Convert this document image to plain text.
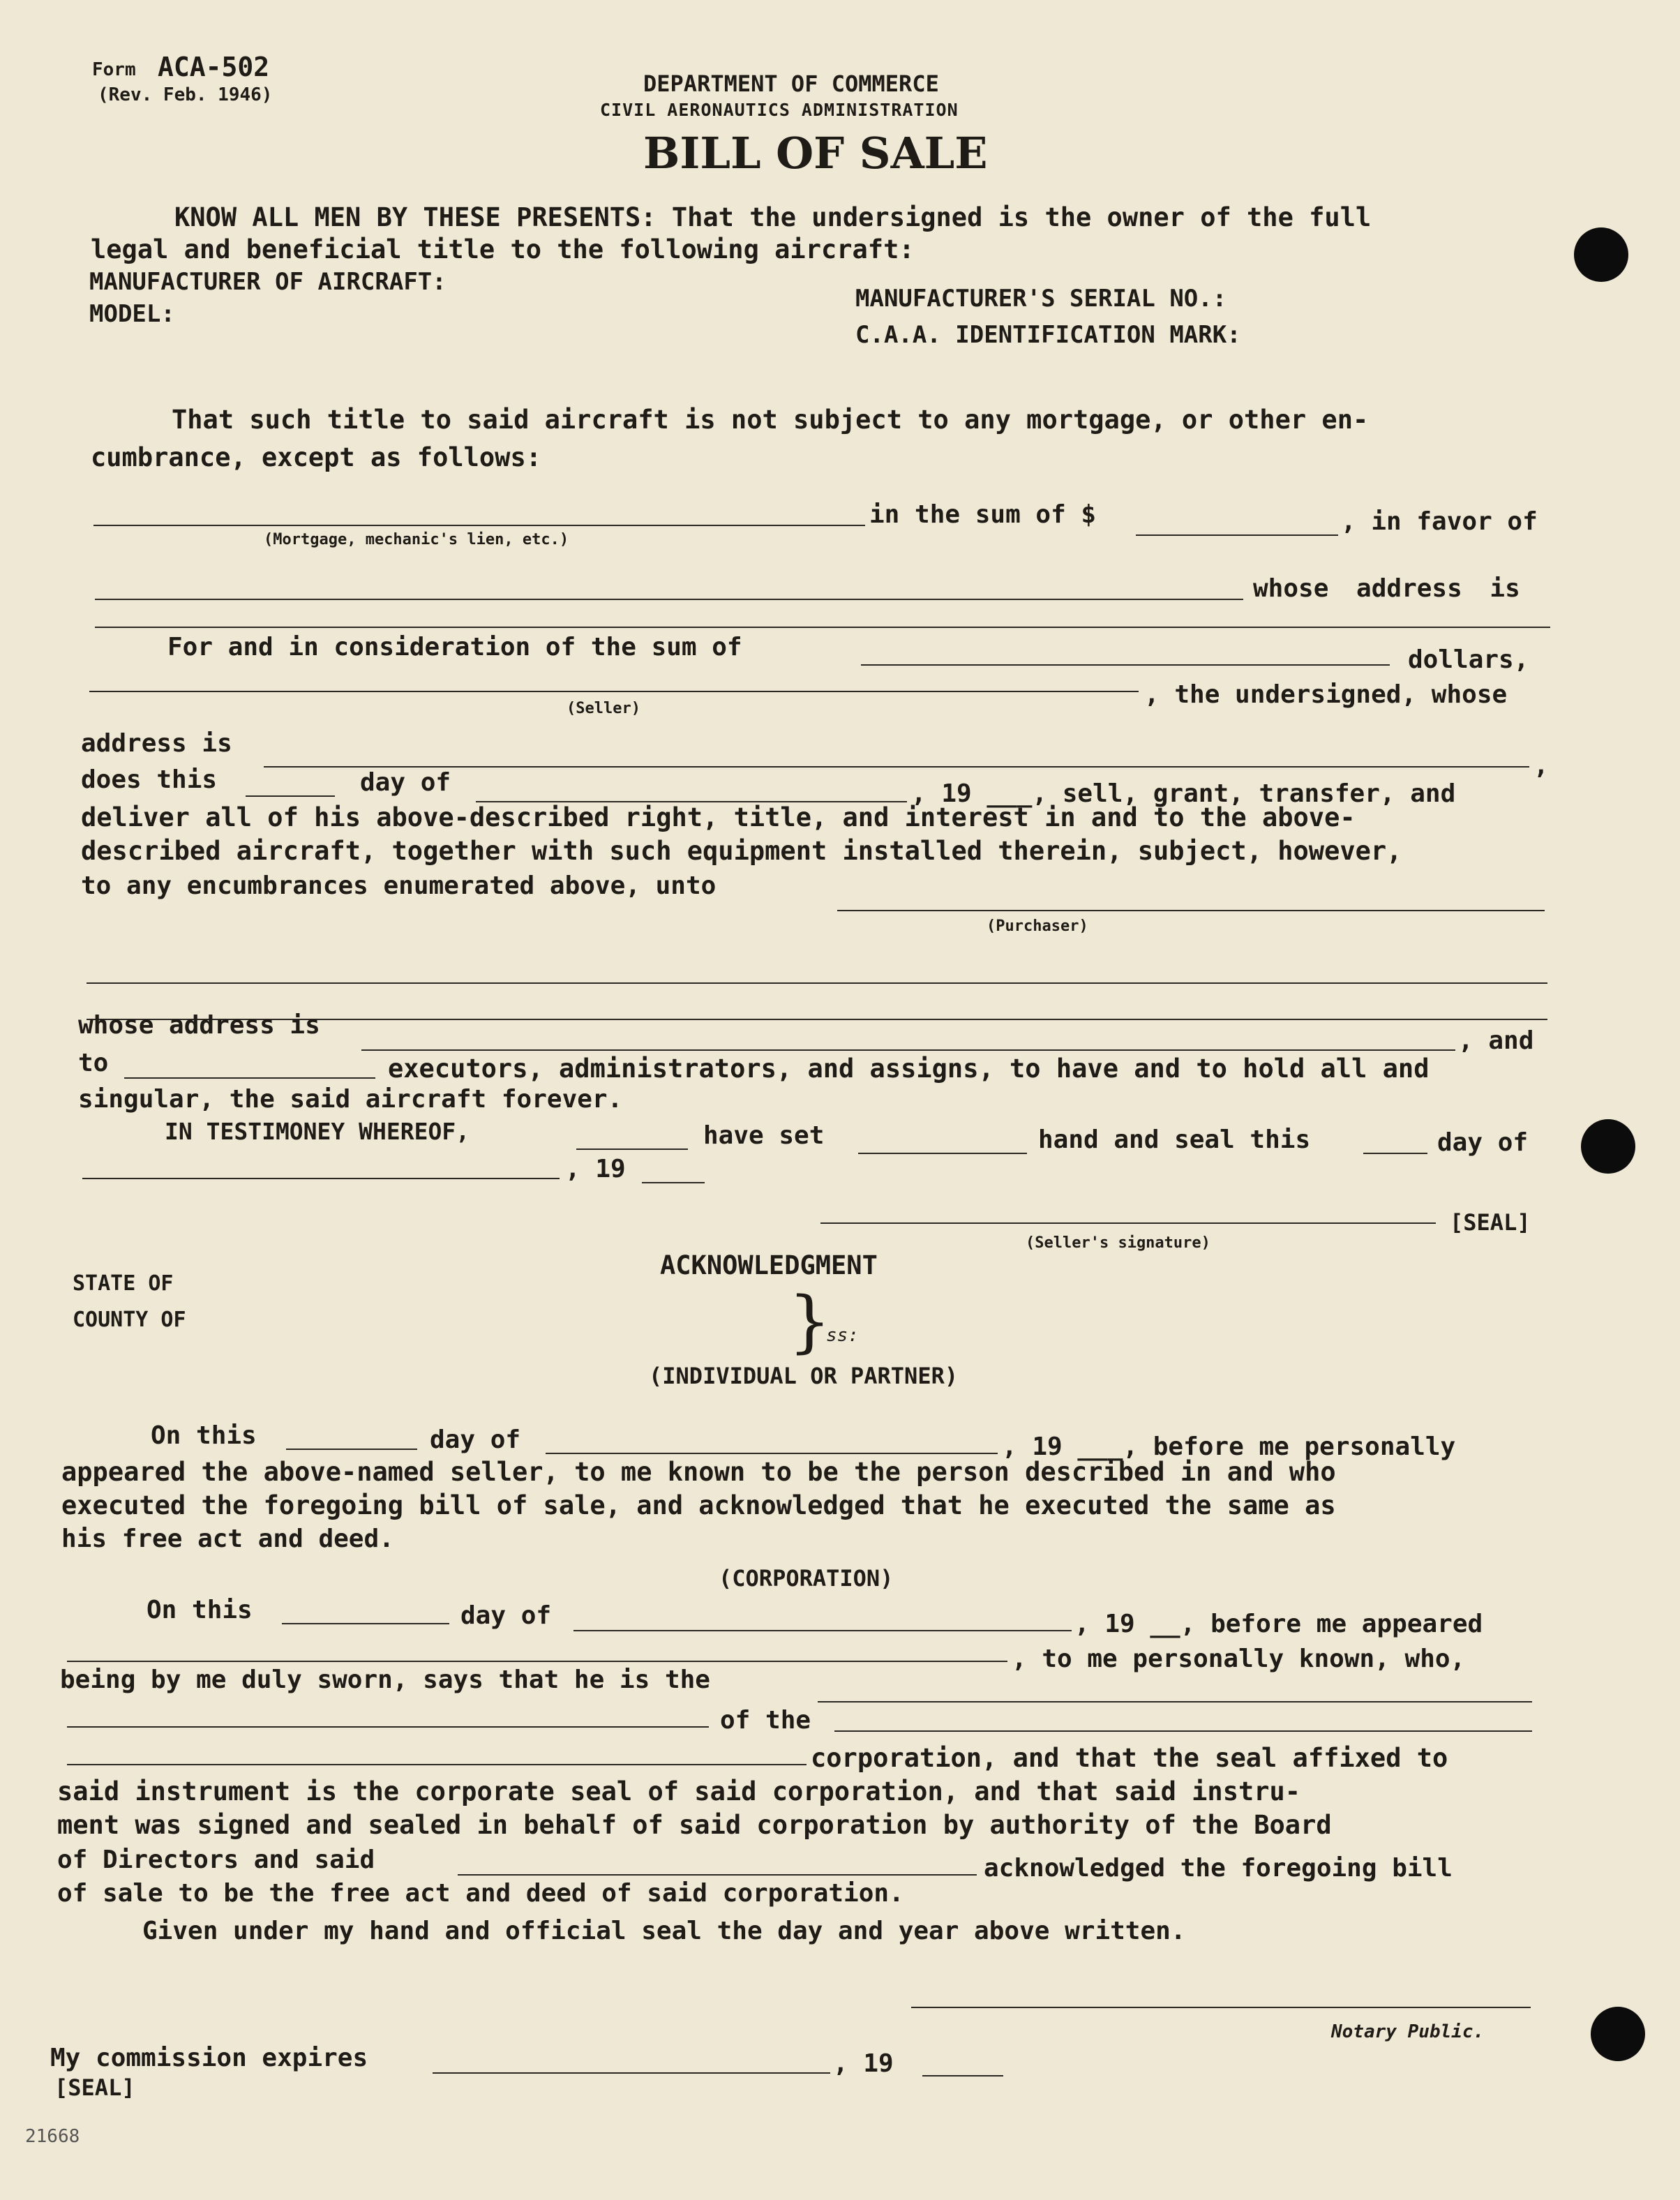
Form ACA-502
(Rev. Feb. 1946)	DEPARTMENT OF COMMERCE
CIVIL AERONAUTICS ADMINISTRATION
BILL OF SALE
KNOW ALL MEN BY THESE PRESENTS: That the undersigned is the owner of the full
legal and beneficial title to the following aircraft:
MANUFACTURER OF AIRCRAFT:
MODEL:
MANUFACTURER'S SERIAL NO.:
C.A.A. IDENTIFICATION MARK:
That such title to said aircraft is not subject to any mortgage, or other en-
cumbrance, except as follows:
in the sum of $	, in favor of
(Mortgage, mechanic's lien, etc.)
whose address is
For and in consideration of the sum of	dollars,
(Seller)	, the undersigned, whose
address is
,
does this	day of	, 19 ___, sell, grant, transfer, and
deliver all of his above-described right, title, and interest in and to the above-
described aircraft, together with such equipment installed therein, subject, however,
to any encumbrances enumerated above, unto
(Purchaser)
whose address is
, and
to	executors, administrators, and assigns, to have and to hold all and
singular, the said aircraft forever.
IN TESTIMONEY WHEREOF,	have set	hand and seal this	day of
, 19
[SEAL]
(Seller's signature)
ACKNOWLEDGMENT
STATE OF
COUNTY OF	}
ss:
(INDIVIDUAL OR PARTNER)
On this	day of	, 19 ___, before me personally
appeared the above-named seller, to me known to be the person described in and who
executed the foregoing bill of sale, and acknowledged that he executed the same as
his free act and deed.
(CORPORATION)
On this	day of	, 19 __, before me appeared
, to me personally known, who,
being by me duly sworn, says that he is the
of the
corporation, and that the seal affixed to
said instrument is the corporate seal of said corporation, and that said instru-
ment was signed and sealed in behalf of said corporation by authority of the Board
of Directors and said	acknowledged the foregoing bill
of sale to be the free act and deed of said corporation.
Given under my hand and official seal the day and year above written.
Notary Public.
My commission expires	, 19
[SEAL]
21668
